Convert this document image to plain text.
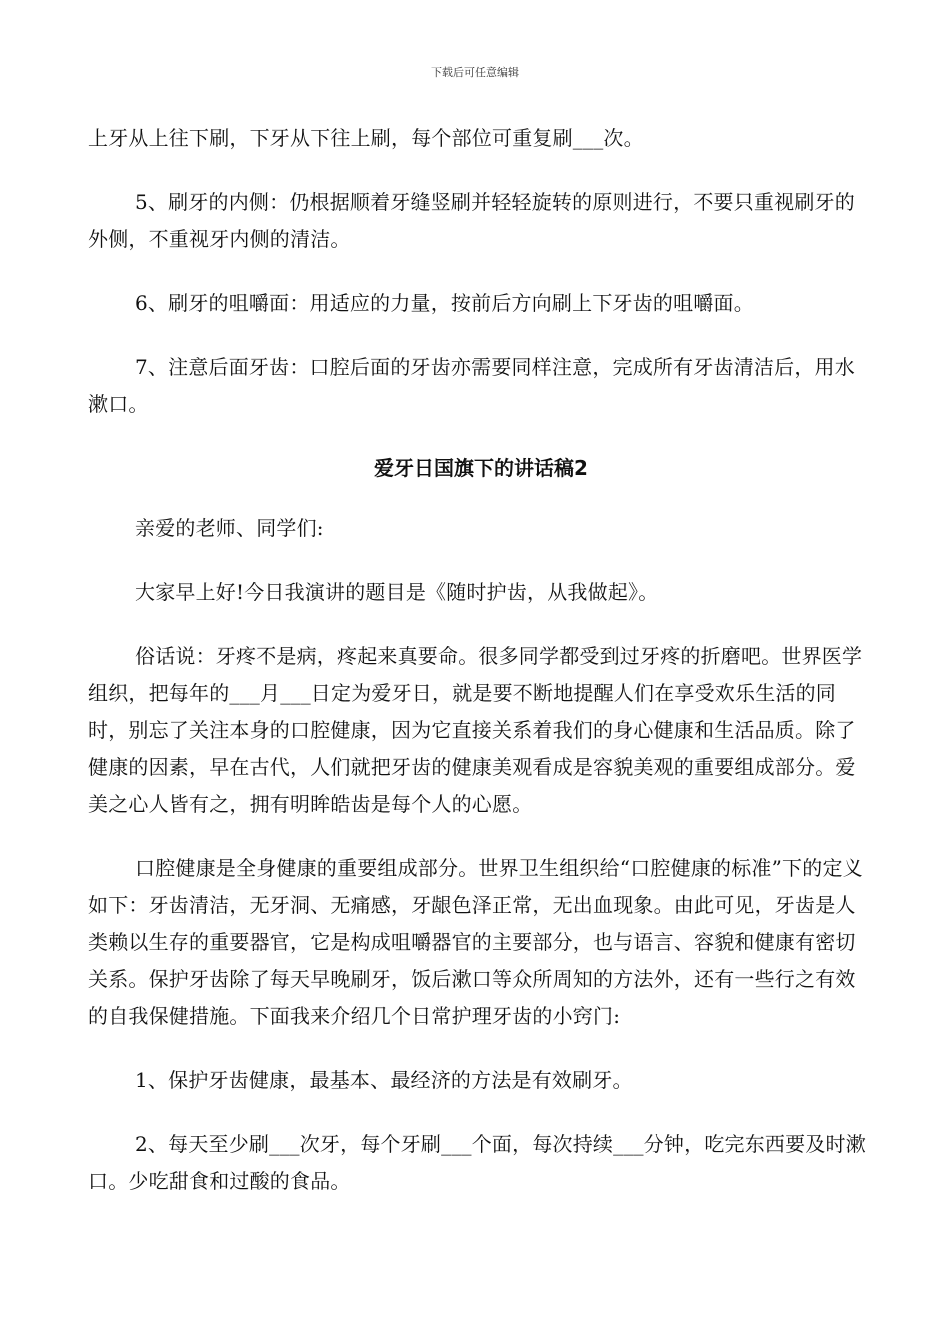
下载后可任意编辑

上牙从上往下刷，下牙从下往上刷，每个部位可重复刷___次。

5、刷牙的内侧：仍根据顺着牙缝竖刷并轻轻旋转的原则进行，不要只重视刷牙的外侧，不重视牙内侧的清洁。

6、刷牙的咀嚼面：用适应的力量，按前后方向刷上下牙齿的咀嚼面。

7、注意后面牙齿：口腔后面的牙齿亦需要同样注意，完成所有牙齿清洁后，用水漱口。

爱牙日国旗下的讲话稿2

亲爱的老师、同学们:

大家早上好!今日我演讲的题目是《随时护齿，从我做起》。

俗话说：牙疼不是病，疼起来真要命。很多同学都受到过牙疼的折磨吧。世界医学组织，把每年的___月___日定为爱牙日，就是要不断地提醒人们在享受欢乐生活的同时，别忘了关注本身的口腔健康，因为它直接关系着我们的身心健康和生活品质。除了健康的因素，早在古代，人们就把牙齿的健康美观看成是容貌美观的重要组成部分。爱美之心人皆有之，拥有明眸皓齿是每个人的心愿。

口腔健康是全身健康的重要组成部分。世界卫生组织给“口腔健康的标准”下的定义如下：牙齿清洁，无牙洞、无痛感，牙龈色泽正常，无出血现象。由此可见，牙齿是人类赖以生存的重要器官，它是构成咀嚼器官的主要部分，也与语言、容貌和健康有密切关系。保护牙齿除了每天早晚刷牙，饭后漱口等众所周知的方法外，还有一些行之有效的自我保健措施。下面我来介绍几个日常护理牙齿的小窍门:

1、保护牙齿健康，最基本、最经济的方法是有效刷牙。

2、每天至少刷___次牙，每个牙刷___个面，每次持续___分钟，吃完东西要及时漱口。少吃甜食和过酸的食品。
